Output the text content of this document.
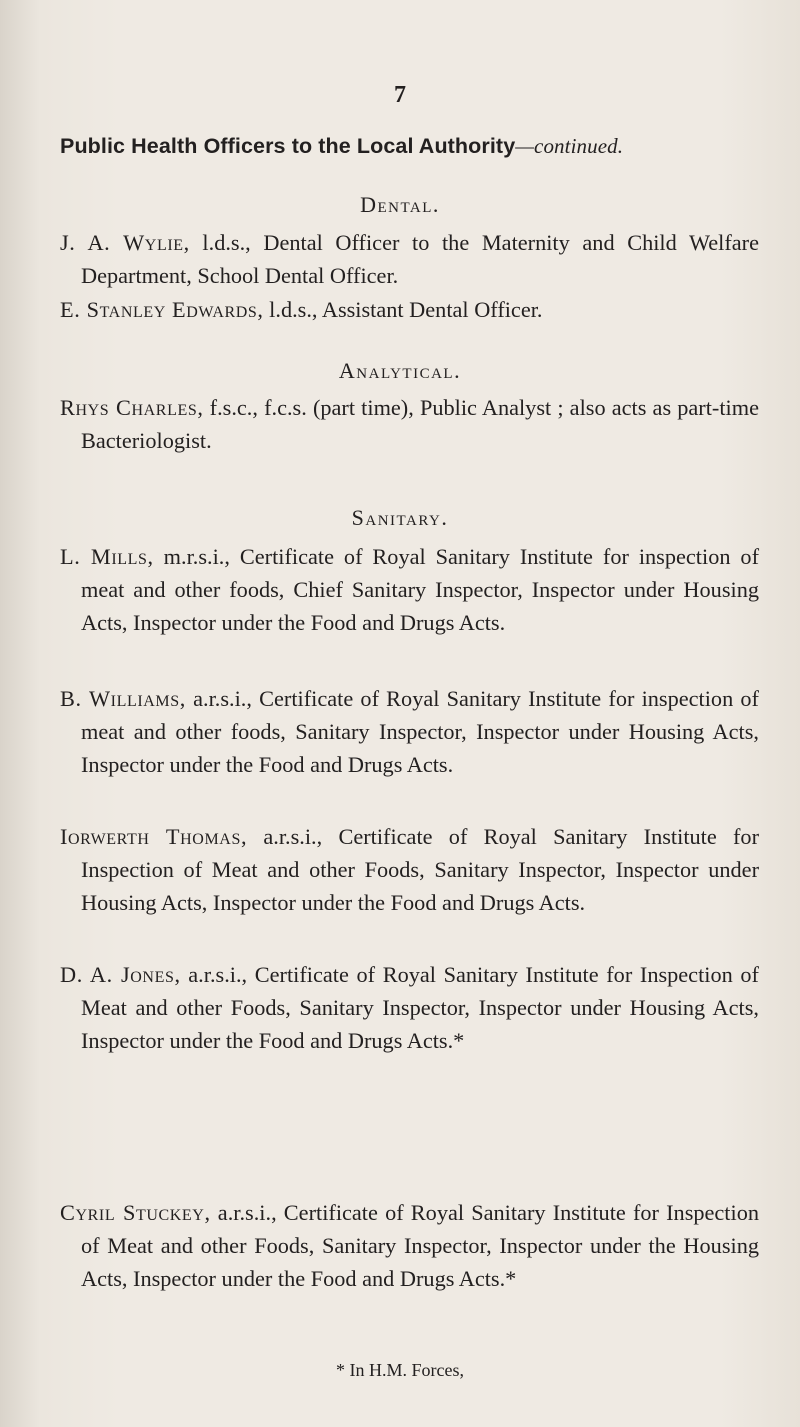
7
Public Health Officers to the Local Authority—continued.
Dental.
J. A. Wylie, l.d.s., Dental Officer to the Maternity and Child Welfare Department, School Dental Officer.
E. Stanley Edwards, l.d.s., Assistant Dental Officer.
Analytical.
Rhys Charles, f.s.c., f.c.s. (part time), Public Analyst ; also acts as part-time Bacteriologist.
Sanitary.
L. Mills, m.r.s.i., Certificate of Royal Sanitary Institute for inspection of meat and other foods, Chief Sanitary Inspector, Inspector under Housing Acts, Inspector under the Food and Drugs Acts.
B. Williams, a.r.s.i., Certificate of Royal Sanitary Institute for inspection of meat and other foods, Sanitary Inspector, Inspector under Housing Acts, Inspector under the Food and Drugs Acts.
Iorwerth Thomas, a.r.s.i., Certificate of Royal Sanitary Institute for Inspection of Meat and other Foods, Sanitary Inspector, Inspector under Housing Acts, Inspector under the Food and Drugs Acts.
D. A. Jones, a.r.s.i., Certificate of Royal Sanitary Institute for Inspection of Meat and other Foods, Sanitary Inspector, Inspector under Housing Acts, Inspector under the Food and Drugs Acts.*
Cyril Stuckey, a.r.s.i., Certificate of Royal Sanitary Institute for Inspection of Meat and other Foods, Sanitary Inspector, Inspector under the Housing Acts, Inspector under the Food and Drugs Acts.*
* In H.M. Forces,
